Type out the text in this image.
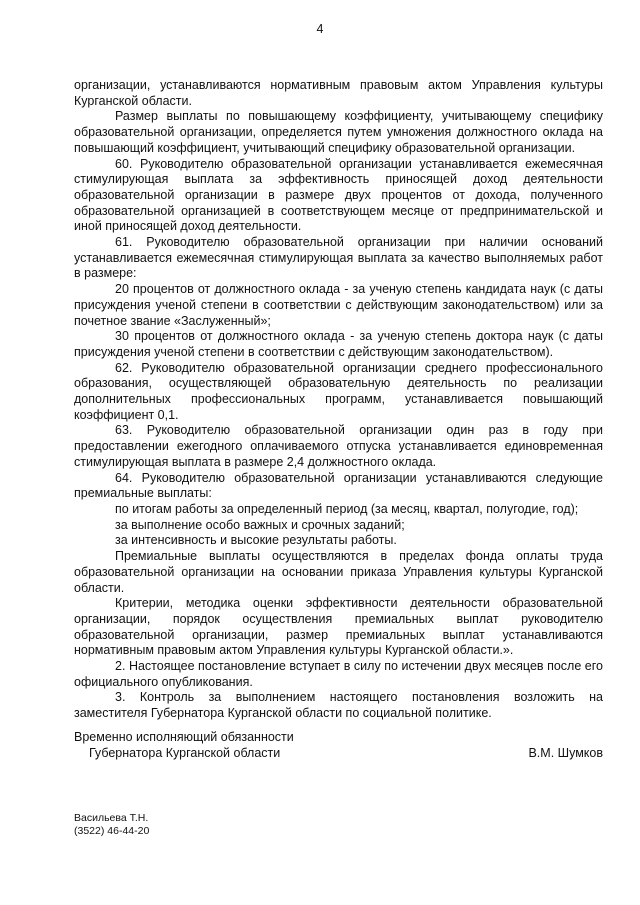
4

организации, устанавливаются нормативным правовым актом Управления культуры Курганской области.

Размер выплаты по повышающему коэффициенту, учитывающему специфику образовательной организации, определяется путем умножения должностного оклада на повышающий коэффициент, учитывающий специфику образовательной организации.

60. Руководителю образовательной организации устанавливается ежемесячная стимулирующая выплата за эффективность приносящей доход деятельности образовательной организации в размере двух процентов от дохода, полученного образовательной организацией в соответствующем месяце от предпринимательской и иной приносящей доход деятельности.

61. Руководителю образовательной организации при наличии оснований устанавливается ежемесячная стимулирующая выплата за качество выполняемых работ в размере:

20 процентов от должностного оклада - за ученую степень кандидата наук (с даты присуждения ученой степени в соответствии с действующим законодательством) или за почетное звание «Заслуженный»;

30 процентов от должностного оклада - за ученую степень доктора наук (с даты присуждения ученой степени в соответствии с действующим законодательством).

62. Руководителю образовательной организации среднего профессионального образования, осуществляющей образовательную деятельность по реализации дополнительных профессиональных программ, устанавливается повышающий коэффициент 0,1.

63. Руководителю образовательной организации один раз в году при предоставлении ежегодного оплачиваемого отпуска устанавливается единовременная стимулирующая выплата в размере 2,4 должностного оклада.

64. Руководителю образовательной организации устанавливаются следующие премиальные выплаты:

по итогам работы за определенный период (за месяц, квартал, полугодие, год);

за выполнение особо важных и срочных заданий;

за интенсивность и высокие результаты работы.

Премиальные выплаты осуществляются в пределах фонда оплаты труда образовательной организации на основании приказа Управления культуры Курганской области.

Критерии, методика оценки эффективности деятельности образовательной организации, порядок осуществления премиальных выплат руководителю образовательной организации, размер премиальных выплат устанавливаются нормативным правовым актом Управления культуры Курганской области.».

2. Настоящее постановление вступает в силу по истечении двух месяцев после его официального опубликования.

3. Контроль за выполнением настоящего постановления возложить на заместителя Губернатора Курганской области по социальной политике.

Временно исполняющий обязанности
Губернатора Курганской области	В.М. Шумков
Васильева Т.Н.
(3522) 46-44-20
